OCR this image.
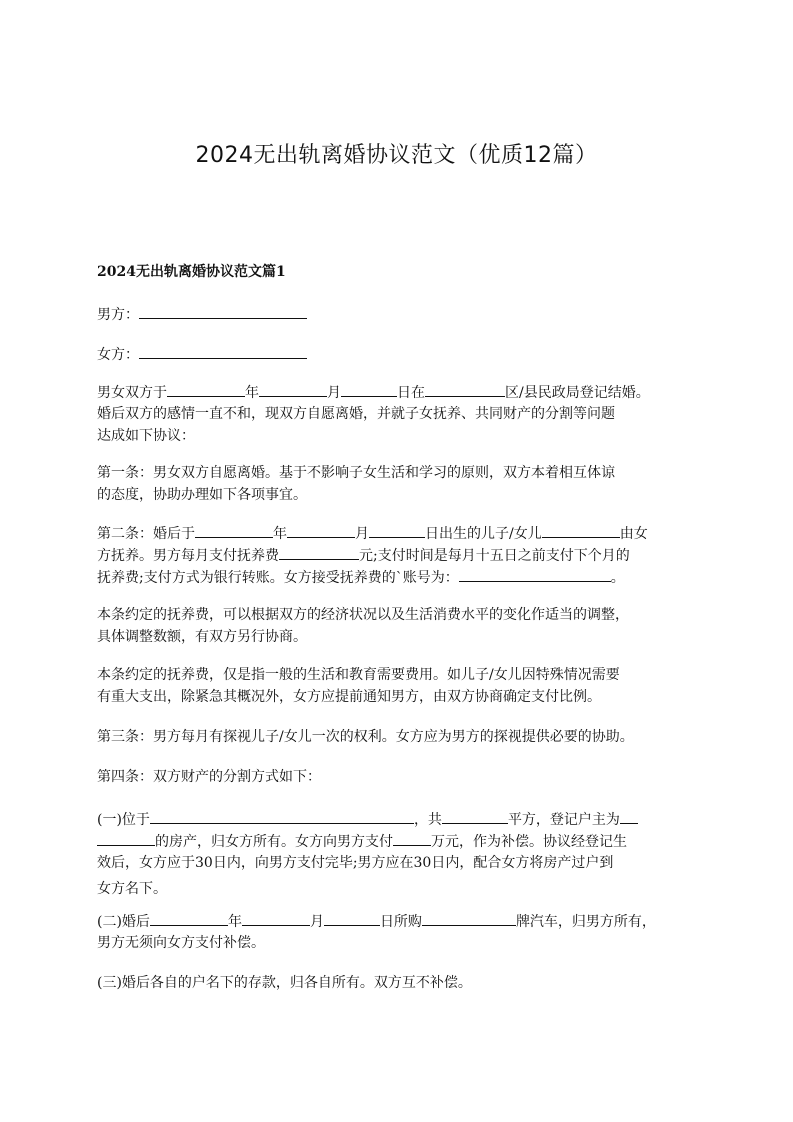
2024无出轨离婚协议范文（优质12篇）
2024无出轨离婚协议范文篇1

男方：

女方：

男女双方于	年	月	日在	区/县民政局登记结婚。
婚后双方的感情一直不和，现双方自愿离婚，并就子女抚养、共同财产的分割等问题
达成如下协议：

第一条：男女双方自愿离婚。基于不影响子女生活和学习的原则，双方本着相互体谅
的态度，协助办理如下各项事宜。

第二条：婚后于	年	月	日出生的儿子/女儿	由女
方抚养。男方每月支付抚养费	元;支付时间是每月十五日之前支付下个月的
抚养费;支付方式为银行转账。女方接受抚养费的`账号为：	。

本条约定的抚养费，可以根据双方的经济状况以及生活消费水平的变化作适当的调整，
具体调整数额，有双方另行协商。

本条约定的抚养费，仅是指一般的生活和教育需要费用。如儿子/女儿因特殊情况需要
有重大支出，除紧急其概况外，女方应提前通知男方，由双方协商确定支付比例。

第三条：男方每月有探视儿子/女儿一次的权利。女方应为男方的探视提供必要的协助。

第四条：双方财产的分割方式如下：

(一)位于	，共	平方，登记户主为
的房产，归女方所有。女方向男方支付	万元，作为补偿。协议经登记生
效后，女方应于30日内，向男方支付完毕;男方应在30日内，配合女方将房产过户到
女方名下。

(二)婚后	年	月	日所购	牌汽车，归男方所有，
男方无须向女方支付补偿。

(三)婚后各自的户名下的存款，归各自所有。双方互不补偿。
